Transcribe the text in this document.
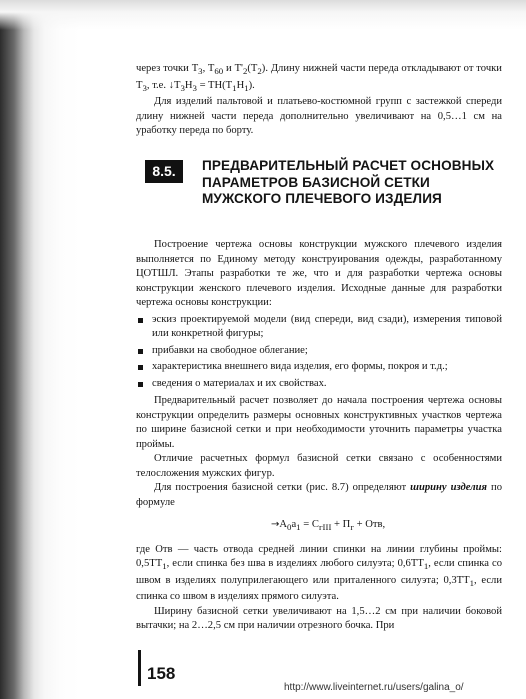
через точки $T_3$, $T_{60}$ и $T'_2(T_2)$. Длину нижней части переда откладывают от точки $T_3$, т.е. $↓T_3H_3 = TH(T_1H_1)$.

Для изделий пальтовой и платьево-костюмной групп с застежкой спереди длину нижней части переда дополнительно увеличивают на 0,5…1 см на уработку переда по борту.

8.5.	ПРЕДВАРИТЕЛЬНЫЙ РАСЧЕТ ОСНОВНЫХ
ПАРАМЕТРОВ БАЗИСНОЙ СЕТКИ
МУЖСКОГО ПЛЕЧЕВОГО ИЗДЕЛИЯ

Построение чертежа основы конструкции мужского плечевого изделия выполняется по Единому методу конструирования одежды, разработанному ЦОТШЛ. Этапы разработки те же, что и для разработки чертежа основы конструкции женского плечевого изделия. Исходные данные для разработки чертежа основы конструкции:

эскиз проектируемой модели (вид спереди, вид сзади), измерения типовой или конкретной фигуры;
прибавки на свободное облегание;
характеристика внешнего вида изделия, его формы, покроя и т.д.;
сведения о материалах и их свойствах.

Предварительный расчет позволяет до начала построения чертежа основы конструкции определить размеры основных конструктивных участков чертежа по ширине базисной сетки и при необходимости уточнить параметры участка проймы.

Отличие расчетных формул базисной сетки связано с особенностями телосложения мужских фигур.

Для построения базисной сетки (рис. 8.7) определяют ширину изделия по формуле

$\to A_0a_1 = C_{гIII} + П_г$ + Отв,

где Отв — часть отвода средней линии спинки на линии глубины проймы: $0,5ТТ_1$, если спинка без шва в изделиях любого силуэта; $0,6ТТ_1$, если спинка со швом в изделиях полуприлегающего или приталенного силуэта; $0,3ТТ_1$, если спинка со швом в изделиях прямого силуэта.

Ширину базисной сетки увеличивают на 1,5…2 см при наличии боковой вытачки; на 2…2,5 см при наличии отрезного бочка. При

158
http://www.liveinternet.ru/users/galina_o/
